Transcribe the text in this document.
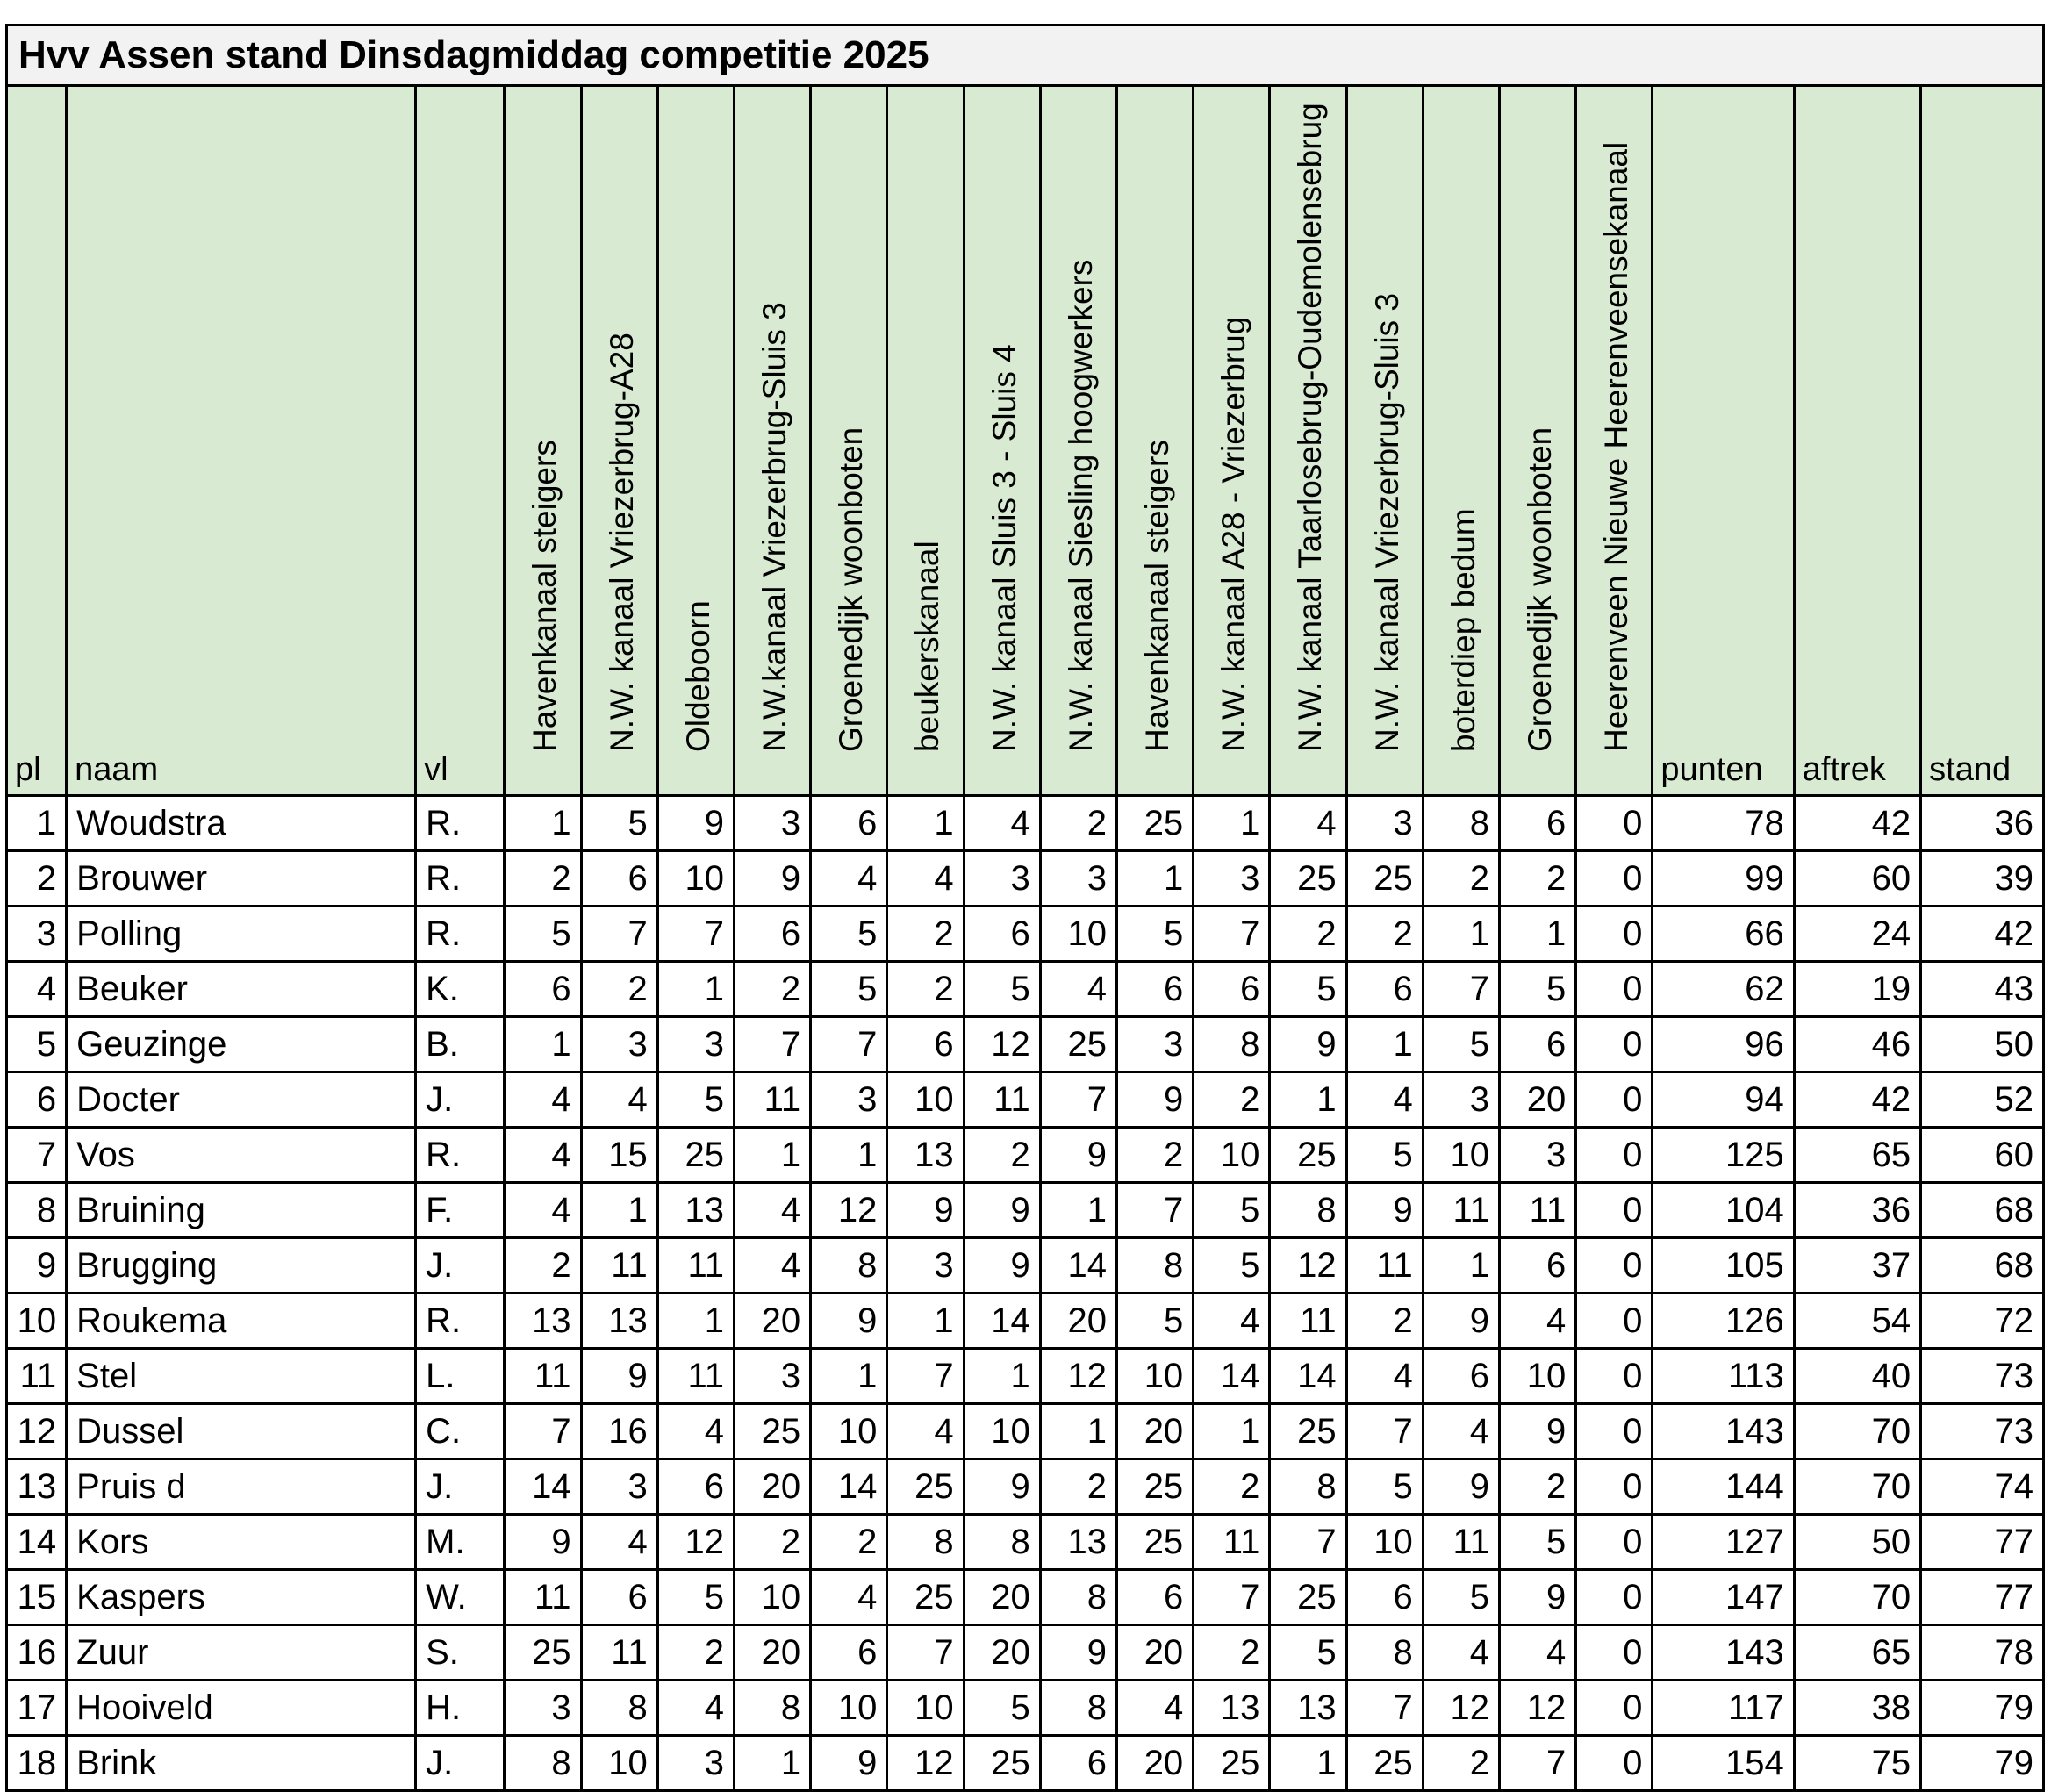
Hvv Assen stand Dinsdagmiddag competitie 2025																				

pl	naam	vl	Havenkanaal steigers	N.W. kanaal Vriezerbrug-A28	Oldeboorn	N.W.kanaal Vriezerbrug-Sluis 3	Groenedijk woonboten	beukerskanaal	N.W. kanaal Sluis 3 - Sluis 4	N.W. kanaal Siesling hoogwerkers	Havenkanaal steigers	N.W. kanaal A28 - Vriezerbrug	N.W. kanaal Taarlosebrug-Oudemolensebrug	N.W. kanaal Vriezerbrug-Sluis 3	boterdiep bedum	Groenedijk woonboten	Heerenveen Nieuwe Heerenveensekanaal	punten	aftrek	stand

1	Woudstra	R.	1	5	9	3	6	1	4	2	25	1	4	3	8	6	0	78	42	36
2	Brouwer	R.	2	6	10	9	4	4	3	3	1	3	25	25	2	2	0	99	60	39
3	Polling	R.	5	7	7	6	5	2	6	10	5	7	2	2	1	1	0	66	24	42
4	Beuker	K.	6	2	1	2	5	2	5	4	6	6	5	6	7	5	0	62	19	43
5	Geuzinge	B.	1	3	3	7	7	6	12	25	3	8	9	1	5	6	0	96	46	50
6	Docter	J.	4	4	5	11	3	10	11	7	9	2	1	4	3	20	0	94	42	52
7	Vos	R.	4	15	25	1	1	13	2	9	2	10	25	5	10	3	0	125	65	60
8	Bruining	F.	4	1	13	4	12	9	9	1	7	5	8	9	11	11	0	104	36	68
9	Brugging	J.	2	11	11	4	8	3	9	14	8	5	12	11	1	6	0	105	37	68
10	Roukema	R.	13	13	1	20	9	1	14	20	5	4	11	2	9	4	0	126	54	72
11	Stel	L.	11	9	11	3	1	7	1	12	10	14	14	4	6	10	0	113	40	73
12	Dussel	C.	7	16	4	25	10	4	10	1	20	1	25	7	4	9	0	143	70	73
13	Pruis d	J.	14	3	6	20	14	25	9	2	25	2	8	5	9	2	0	144	70	74
14	Kors	M.	9	4	12	2	2	8	8	13	25	11	7	10	11	5	0	127	50	77
15	Kaspers	W.	11	6	5	10	4	25	20	8	6	7	25	6	5	9	0	147	70	77
16	Zuur	S.	25	11	2	20	6	7	20	9	20	2	5	8	4	4	0	143	65	78
17	Hooiveld	H.	3	8	4	8	10	10	5	8	4	13	13	7	12	12	0	117	38	79
18	Brink	J.	8	10	3	1	9	12	25	6	20	25	1	25	2	7	0	154	75	79
